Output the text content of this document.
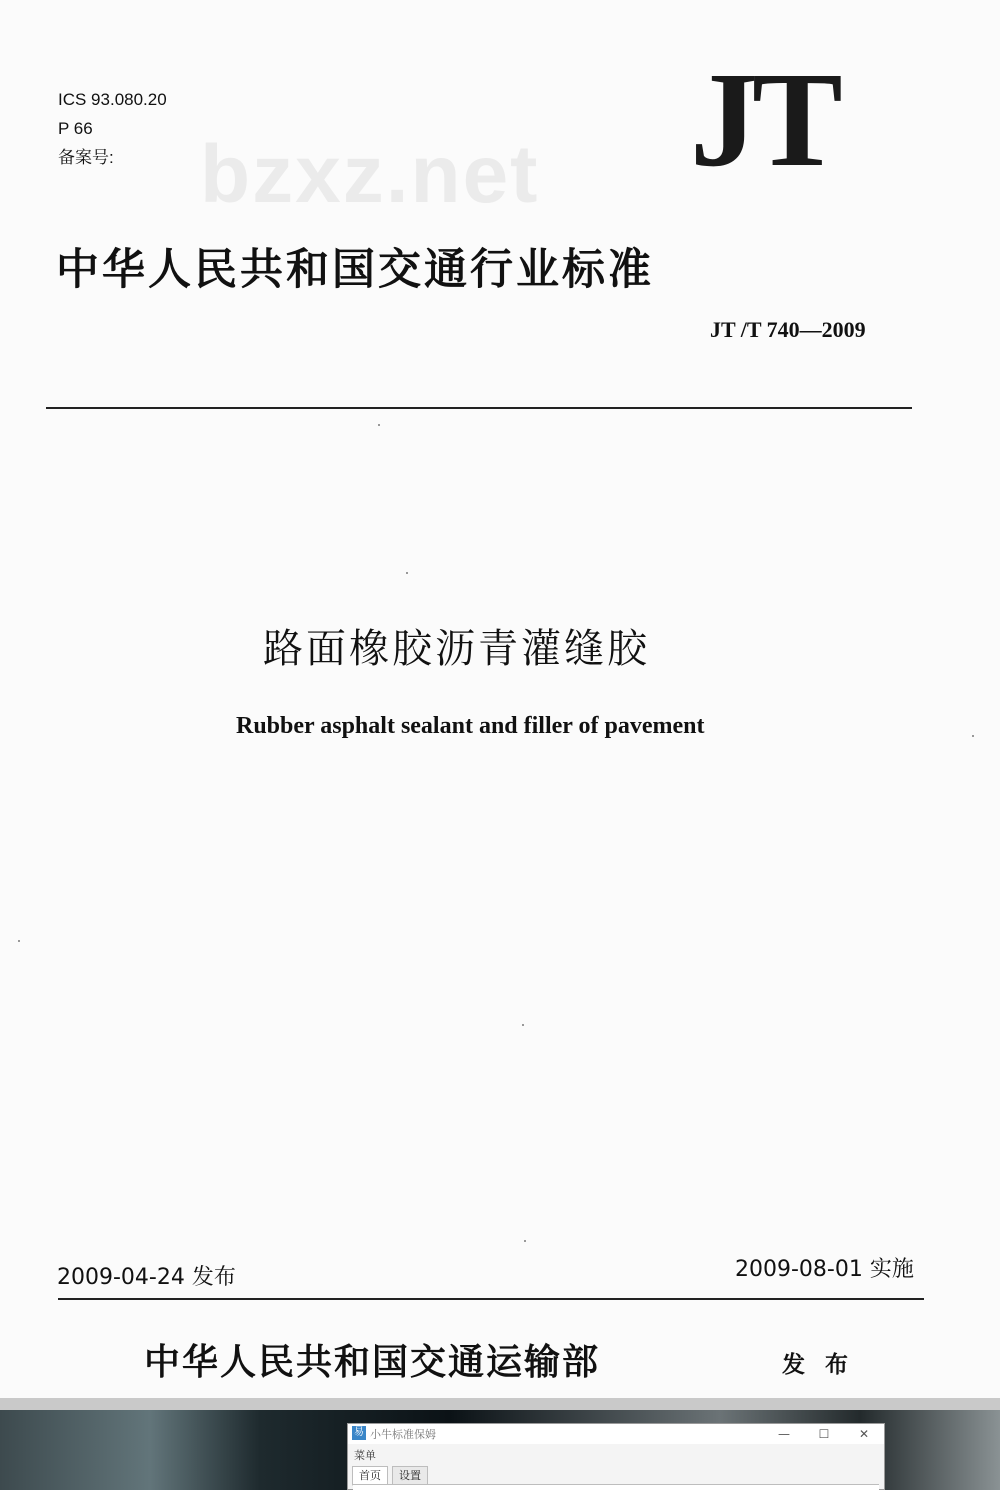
ICS 93.080.20
P 66
备案号:	bzxz.net JT
中华人民共和国交通行业标准
JT /T 740—2009
路面橡胶沥青灌缝胶
Rubber asphalt sealant and filler of pavement
2009-04-24 发布	2009-08-01 实施
中华人民共和国交通运输部	发 布
易 小牛标准保姆	—	☐	✕
菜单
首页	设置
